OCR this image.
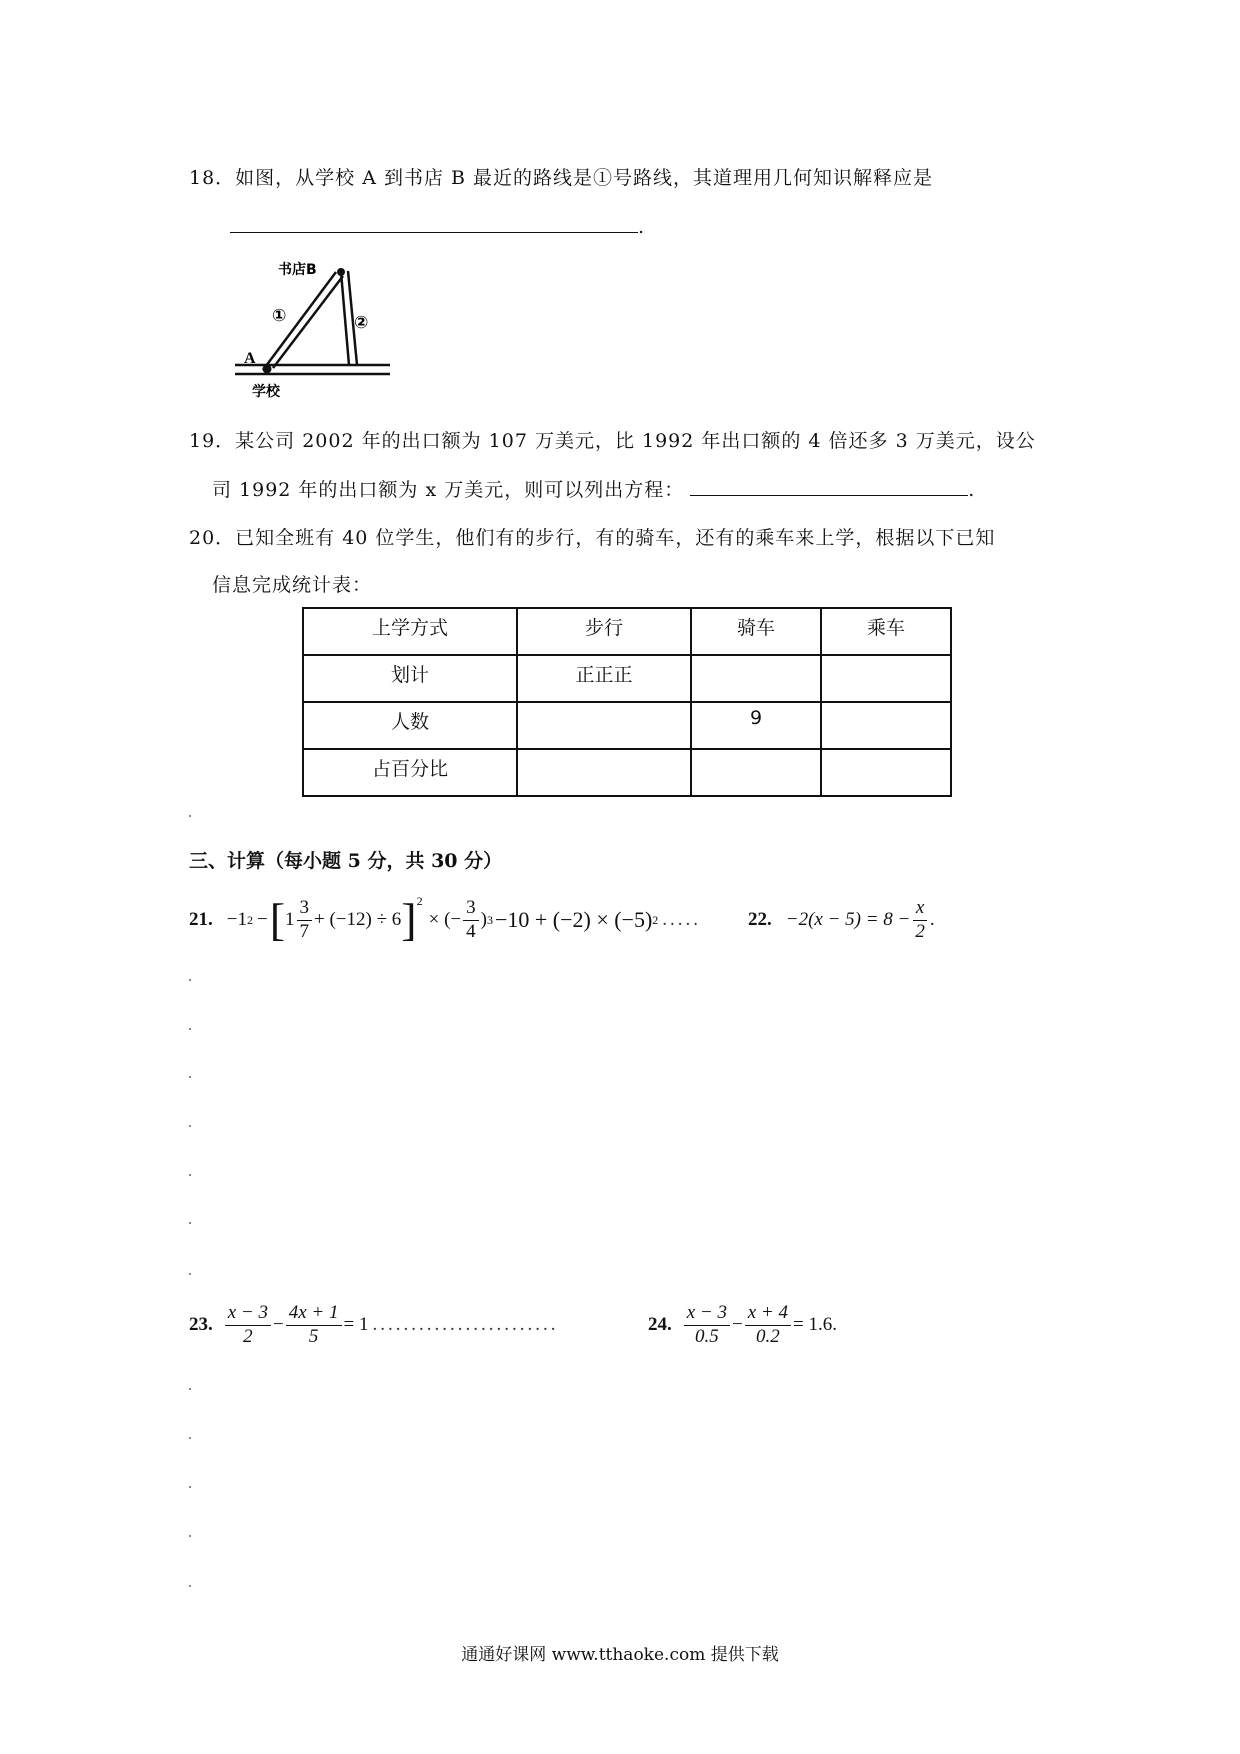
18．如图，从学校 A 到书店 B 最近的路线是①号路线，其道理用几何知识解释应是
.
书店B
①	②
A
学校
19．某公司 2002 年的出口额为 107 万美元，比 1992 年出口额的 4 倍还多 3 万美元，设公
司 1992 年的出口额为 x 万美元，则可以列出方程：	.
20．已知全班有 40 位学生，他们有的步行，有的骑车，还有的乘车来上学，根据以下已知
信息完成统计表：
上学方式	步行	骑车	乘车
划计	正正正		
人数		9	
占百分比			
三、计算（每小题 5 分，共 30 分）
21. −1 2 − [ $1 \frac{3}{7} + (-12) \div 6$ ]$^2$
× (− $\frac{3}{4}$ ) 3 −10 + (−2) × (−5) 2 ..... 22. $-2(x - 5) = 8 - \frac{x}{2}$ .
23. $\frac{x - 3}{2} - \frac{4x + 1}{5} = 1$ ........................	24. $\frac{x - 3}{0.5} - \frac{x + 4}{0.2} = 1.6$ .
通通好课网 www.tthaoke.com 提供下载
